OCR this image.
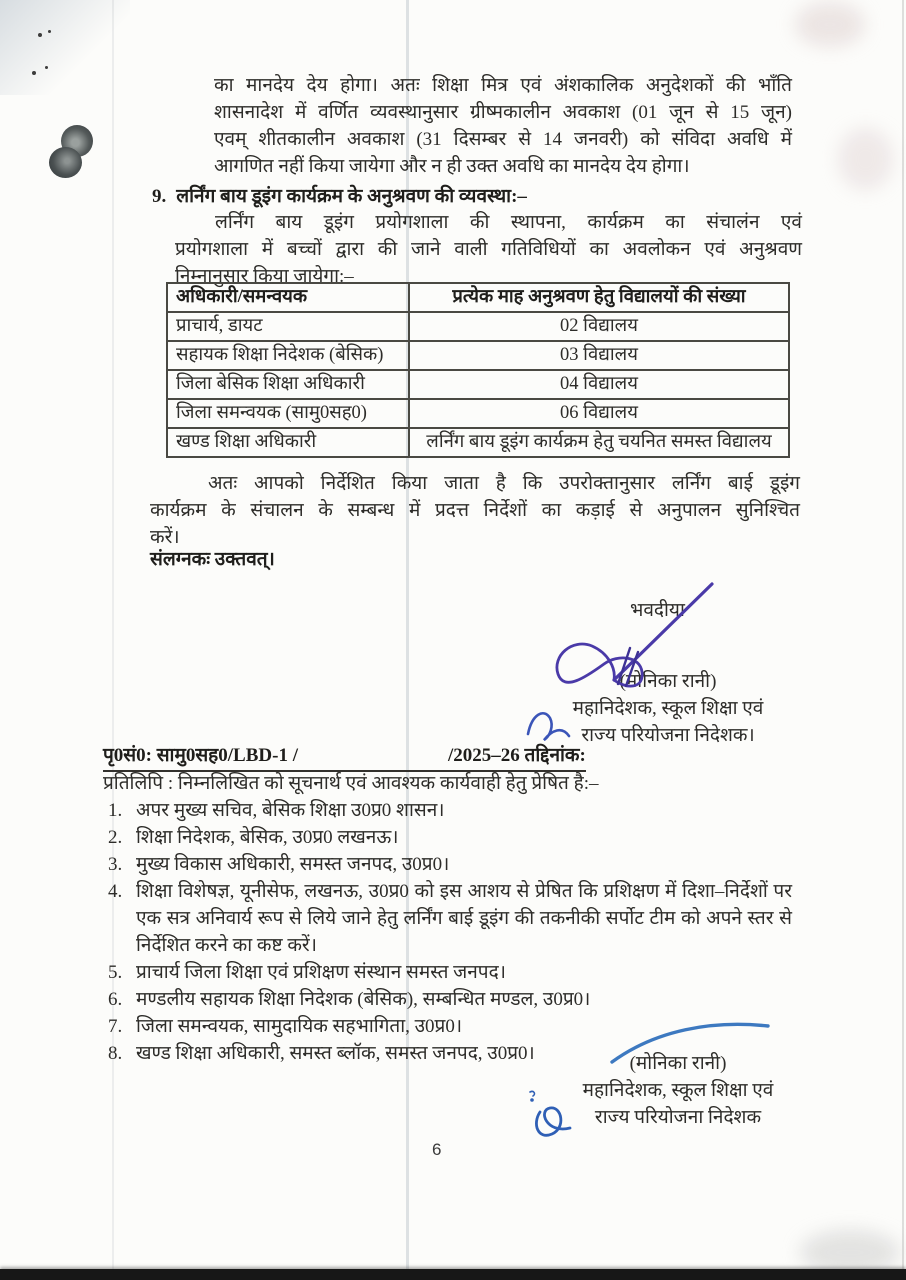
का मानदेय देय होगा। अतः शिक्षा मित्र एवं अंशकालिक अनुदेशकों की भाँति
शासनादेश में वर्णित व्यवस्थानुसार ग्रीष्मकालीन अवकाश (01 जून से 15 जून)
एवम् शीतकालीन अवकाश (31 दिसम्बर से 14 जनवरी) को संविदा अवधि में
आगणित नहीं किया जायेगा और न ही उक्त अवधि का मानदेय देय होगा।
9. लर्निंग बाय डूइंग कार्यक्रम के अनुश्रवण की व्यवस्था:–
लर्निंग बाय डूइंग प्रयोगशाला की स्थापना, कार्यक्रम का संचालंन एवं
प्रयोगशाला में बच्चों द्वारा की जाने वाली गतिविधियों का अवलोकन एवं अनुश्रवण
निम्नानुसार किया जायेगा:–
अधिकारी/समन्वयक	प्रत्येक माह अनुश्रवण हेतु विद्यालयों की संख्या
प्राचार्य, डायट	02 विद्यालय
सहायक शिक्षा निदेशक (बेसिक)	03 विद्यालय
जिला बेसिक शिक्षा अधिकारी	04 विद्यालय
जिला समन्वयक (सामु0सह0)	06 विद्यालय
खण्ड शिक्षा अधिकारी	लर्निंग बाय डूइंग कार्यक्रम हेतु चयनित समस्त विद्यालय
अतः आपको निर्देशित किया जाता है कि उपरोक्तानुसार लर्निंग बाई डूइंग
कार्यक्रम के संचालन के सम्बन्ध में प्रदत्त निर्देशों का कड़ाई से अनुपालन सुनिश्चित
करें।
संलग्नकः उक्तवत्।
भवदीया
(मोनिका रानी)
महानिदेशक, स्कूल शिक्षा एवं
राज्य परियोजना निदेशक।
पृ0सं0: सामु0सह0/LBD-1 /	/2025–26 तद्दिनांक:
प्रतिलिपि : निम्नलिखित को सूचनार्थ एवं आवश्यक कार्यवाही हेतु प्रेषित है:–
1. अपर मुख्य सचिव, बेसिक शिक्षा उ0प्र0 शासन।
2. शिक्षा निदेशक, बेसिक, उ0प्र0 लखनऊ।
3. मुख्य विकास अधिकारी, समस्त जनपद, उ0प्र0।
4. शिक्षा विशेषज्ञ, यूनीसेफ, लखनऊ, उ0प्र0 को इस आशय से प्रेषित कि प्रशिक्षण में दिशा–निर्देशों पर एक सत्र अनिवार्य रूप से लिये जाने हेतु लर्निंग बाई डूइंग की तकनीकी सर्पोट टीम को अपने स्तर से निर्देशित करने का कष्ट करें।
5. प्राचार्य जिला शिक्षा एवं प्रशिक्षण संस्थान समस्त जनपद।
6. मण्डलीय सहायक शिक्षा निदेशक (बेसिक), सम्बन्धित मण्डल, उ0प्र0।
7. जिला समन्वयक, सामुदायिक सहभागिता, उ0प्र0।
8. खण्ड शिक्षा अधिकारी, समस्त ब्लॉक, समस्त जनपद, उ0प्र0।	(मोनिका रानी)
महानिदेशक, स्कूल शिक्षा एवं
राज्य परियोजना निदेशक
6
